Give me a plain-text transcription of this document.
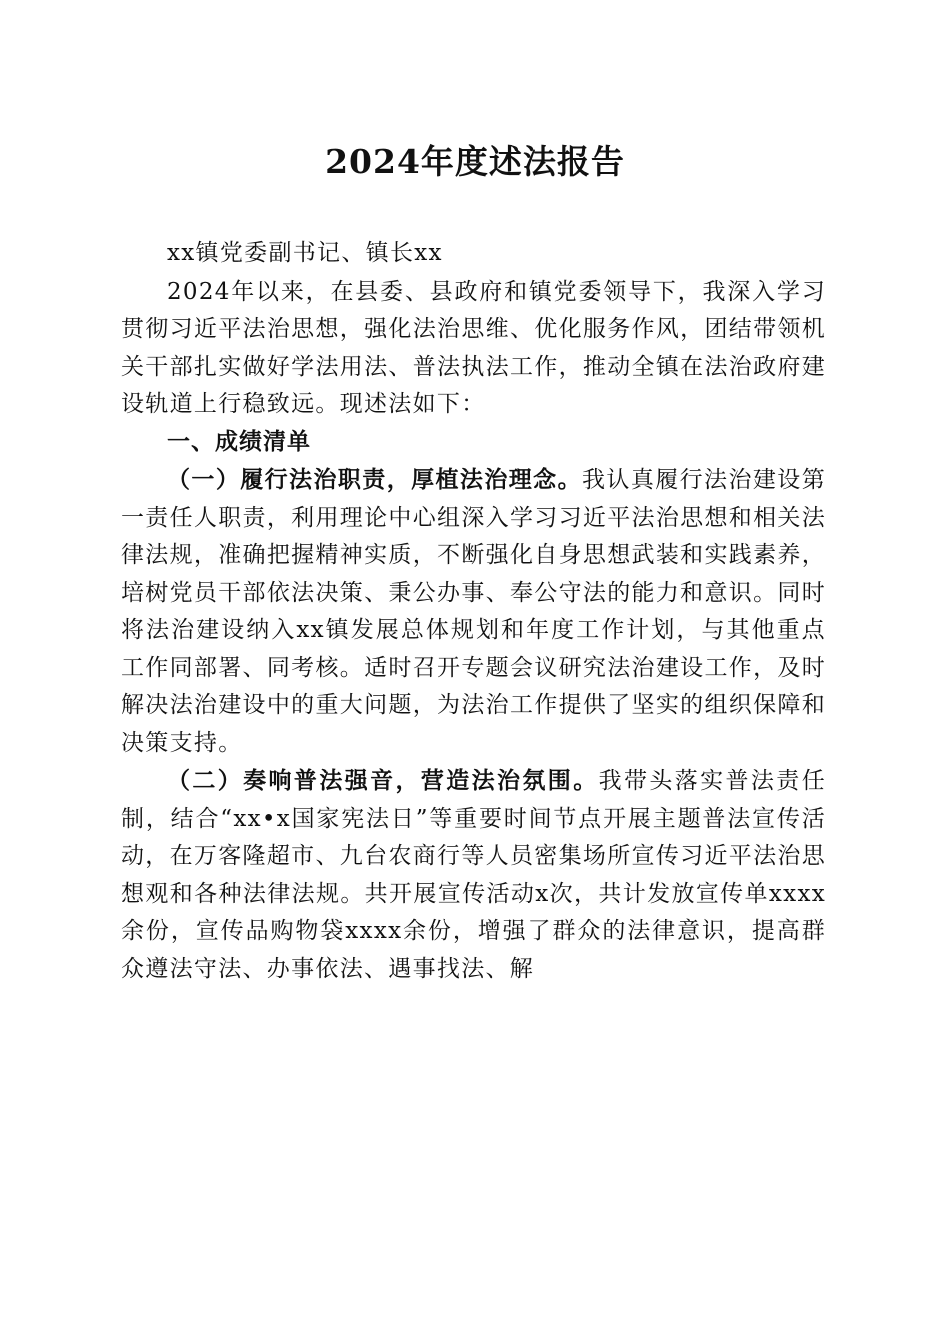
2024年度述法报告

xx镇党委副书记、镇长xx

2024年以来，在县委、县政府和镇党委领导下，我深入学习贯彻习近平法治思想，强化法治思维、优化服务作风，团结带领机关干部扎实做好学法用法、普法执法工作，推动全镇在法治政府建设轨道上行稳致远。现述法如下：

一、成绩清单

（一）履行法治职责，厚植法治理念。我认真履行法治建设第一责任人职责，利用理论中心组深入学习习近平法治思想和相关法律法规，准确把握精神实质，不断强化自身思想武装和实践素养，培树党员干部依法决策、秉公办事、奉公守法的能力和意识。同时将法治建设纳入xx镇发展总体规划和年度工作计划，与其他重点工作同部署、同考核。适时召开专题会议研究法治建设工作，及时解决法治建设中的重大问题，为法治工作提供了坚实的组织保障和决策支持。

（二）奏响普法强音，营造法治氛围。我带头落实普法责任制，结合“xx•x国家宪法日”等重要时间节点开展主题普法宣传活动，在万客隆超市、九台农商行等人员密集场所宣传习近平法治思想观和各种法律法规。共开展宣传活动x次，共计发放宣传单xxxx余份，宣传品购物袋xxxx余份，增强了群众的法律意识，提高群众遵法守法、办事依法、遇事找法、解
